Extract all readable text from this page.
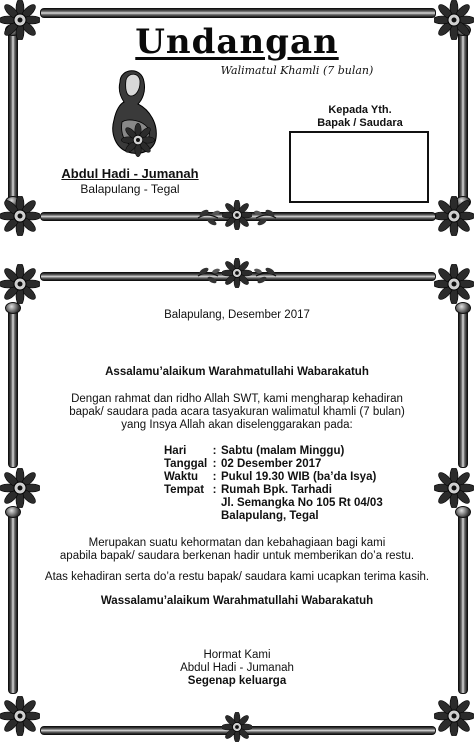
Undangan
Walimatul Khamli (7 bulan)
Abdul Hadi - Jumanah
Balapulang - Tegal
Kepada Yth.
Bapak / Saudara
Balapulang, Desember 2017
Assalamu’alaikum Warahmatullahi Wabarakatuh
Dengan rahmat dan ridho Allah SWT, kami mengharap kehadiran
bapak/ saudara pada acara tasyakuran walimatul khamli (7 bulan)
yang Insya Allah akan diselenggarakan pada:
Hari	:	Sabtu (malam Minggu)
Tanggal	:	02 Desember 2017
Waktu	:	Pukul 19.30 WIB (ba’da Isya)
Tempat	:	Rumah Bpk. Tarhadi
		Jl. Semangka No 105 Rt 04/03
		Balapulang, Tegal
Merupakan suatu kehormatan dan kebahagiaan bagi kami
apabila bapak/ saudara berkenan hadir untuk memberikan do’a restu.
Atas kehadiran serta do’a restu bapak/ saudara kami ucapkan terima kasih.
Wassalamu’alaikum Warahmatullahi Wabarakatuh
Hormat Kami
Abdul Hadi - Jumanah
Segenap keluarga
